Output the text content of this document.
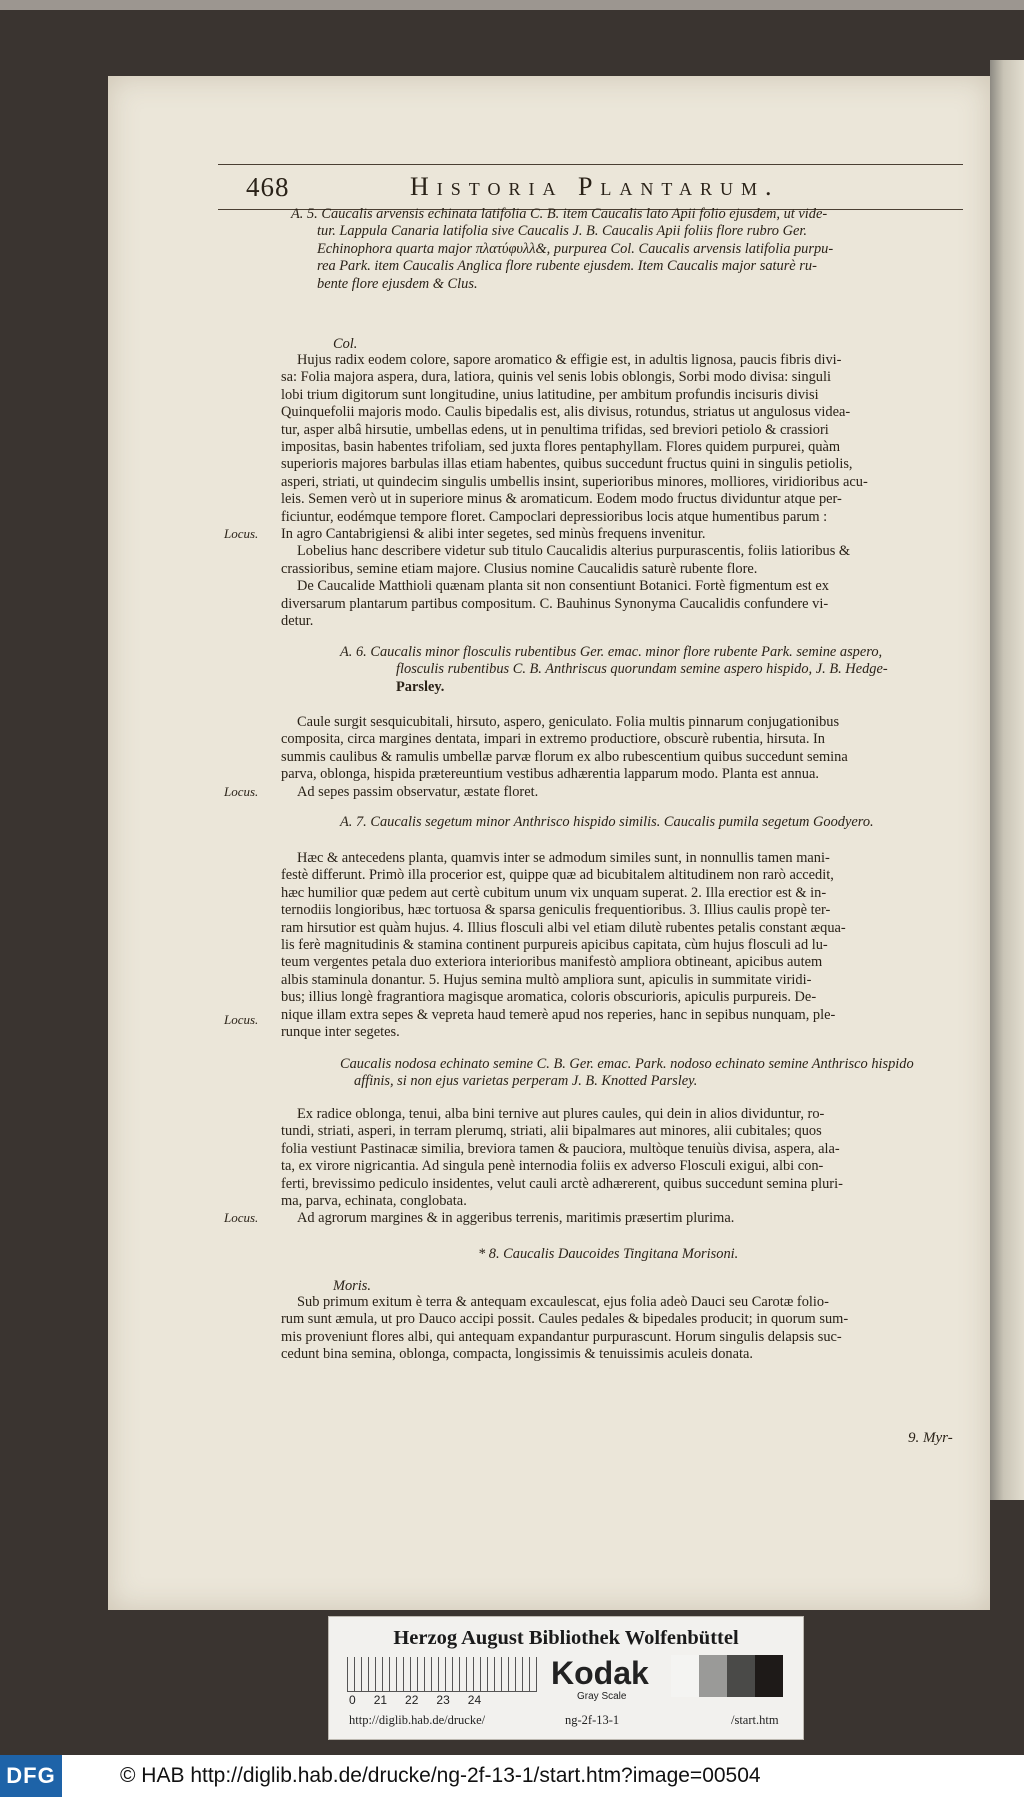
468	Historia Plantarum.

A. 5. Caucalis arvensis echinata latifolia C. B. item Caucalis lato Apii folio ejusdem, ut vide-

tur. Lappula Canaria latifolia sive Caucalis J. B. Caucalis Apii foliis flore rubro Ger.

Echinophora quarta major πλατύφυλλ&, purpurea Col. Caucalis arvensis latifolia purpu-

rea Park. item Caucalis Anglica flore rubente ejusdem. Item Caucalis major saturè ru-

bente flore ejusdem & Clus.

Col.

Hujus radix eodem colore, sapore aromatico & effigie est, in adultis lignosa, paucis fibris divi-

sa: Folia majora aspera, dura, latiora, quinis vel senis lobis oblongis, Sorbi modo divisa: singuli

lobi trium digitorum sunt longitudine, unius latitudine, per ambitum profundis incisuris divisi

Quinquefolii majoris modo. Caulis bipedalis est, alis divisus, rotundus, striatus ut angulosus videa-

tur, asper albâ hirsutie, umbellas edens, ut in penultima trifidas, sed breviori petiolo & crassiori

impositas, basin habentes trifoliam, sed juxta flores pentaphyllam. Flores quidem purpurei, quàm

superioris majores barbulas illas etiam habentes, quibus succedunt fructus quini in singulis petiolis,

asperi, striati, ut quindecim singulis umbellis insint, superioribus minores, molliores, viridioribus acu-

leis. Semen verò ut in superiore minus & aromaticum. Eodem modo fructus dividuntur atque per-

ficiuntur, eodémque tempore floret. Campoclari depressioribus locis atque humentibus parum :

In agro Cantabrigiensi & alibi inter segetes, sed minùs frequens invenitur.

Lobelius hanc describere videtur sub titulo Caucalidis alterius purpurascentis, foliis latioribus &

crassioribus, semine etiam majore. Clusius nomine Caucalidis saturè rubente flore.

De Caucalide Matthioli quænam planta sit non consentiunt Botanici. Fortè figmentum est ex

diversarum plantarum partibus compositum. C. Bauhinus Synonyma Caucalidis confundere vi-

detur.

Locus.

A. 6. Caucalis minor flosculis rubentibus Ger. emac. minor flore rubente Park. semine aspero,

flosculis rubentibus C. B. Anthriscus quorundam semine aspero hispido, J. B. Hedge-

Parsley.

Caule surgit sesquicubitali, hirsuto, aspero, geniculato. Folia multis pinnarum conjugationibus

composita, circa margines dentata, impari in extremo productiore, obscurè rubentia, hirsuta. In

summis caulibus & ramulis umbellæ parvæ florum ex albo rubescentium quibus succedunt semina

parva, oblonga, hispida prætereuntium vestibus adhærentia lapparum modo. Planta est annua.

Ad sepes passim observatur, æstate floret.

Locus.
A. 7. Caucalis segetum minor Anthrisco hispido similis. Caucalis pumila segetum Goodyero.

Hæc & antecedens planta, quamvis inter se admodum similes sunt, in nonnullis tamen mani-

festè differunt. Primò illa procerior est, quippe quæ ad bicubitalem altitudinem non rarò accedit,

hæc humilior quæ pedem aut certè cubitum unum vix unquam superat. 2. Illa erectior est & in-

ternodiis longioribus, hæc tortuosa & sparsa geniculis frequentioribus. 3. Illius caulis propè ter-

ram hirsutior est quàm hujus. 4. Illius flosculi albi vel etiam dilutè rubentes petalis constant æqua-

lis ferè magnitudinis & stamina continent purpureis apicibus capitata, cùm hujus flosculi ad lu-

teum vergentes petala duo exteriora interioribus manifestò ampliora obtineant, apicibus autem

albis staminula donantur. 5. Hujus semina multò ampliora sunt, apiculis in summitate viridi-

bus; illius longè fragrantiora magisque aromatica, coloris obscurioris, apiculis purpureis. De-

nique illam extra sepes & vepreta haud temerè apud nos reperies, hanc in sepibus nunquam, ple-

runque inter segetes.

Locus.

Caucalis nodosa echinato semine C. B. Ger. emac. Park. nodoso echinato semine Anthrisco hispido

affinis, si non ejus varietas perperam J. B. Knotted Parsley.

Ex radice oblonga, tenui, alba bini ternive aut plures caules, qui dein in alios dividuntur, ro-

tundi, striati, asperi, in terram plerumq, striati, alii bipalmares aut minores, alii cubitales; quos

folia vestiunt Pastinacæ similia, breviora tamen & pauciora, multòque tenuiùs divisa, aspera, ala-

ta, ex virore nigricantia. Ad singula penè internodia foliis ex adverso Flosculi exigui, albi con-

ferti, brevissimo pediculo insidentes, velut cauli arctè adhærerent, quibus succedunt semina pluri-

ma, parva, echinata, conglobata.

Ad agrorum margines & in aggeribus terrenis, maritimis præsertim plurima.

Locus.
* 8. Caucalis Daucoides Tingitana Morisoni.
Moris.

Sub primum exitum è terra & antequam excaulescat, ejus folia adeò Dauci seu Carotæ folio-

rum sunt æmula, ut pro Dauco accipi possit. Caules pedales & bipedales producit; in quorum sum-

mis proveniunt flores albi, qui antequam expandantur purpurascunt. Horum singulis delapsis suc-

cedunt bina semina, oblonga, compacta, longissimis & tenuissimis aculeis donata.

9. Myr-
Herzog August Bibliothek Wolfenbüttel
0 21 22 23 24
Kodak
Gray Scale
http://diglib.hab.de/drucke/	ng-2f-13-1	/start.htm
DFG	© HAB http://diglib.hab.de/drucke/ng-2f-13-1/start.htm?image=00504
